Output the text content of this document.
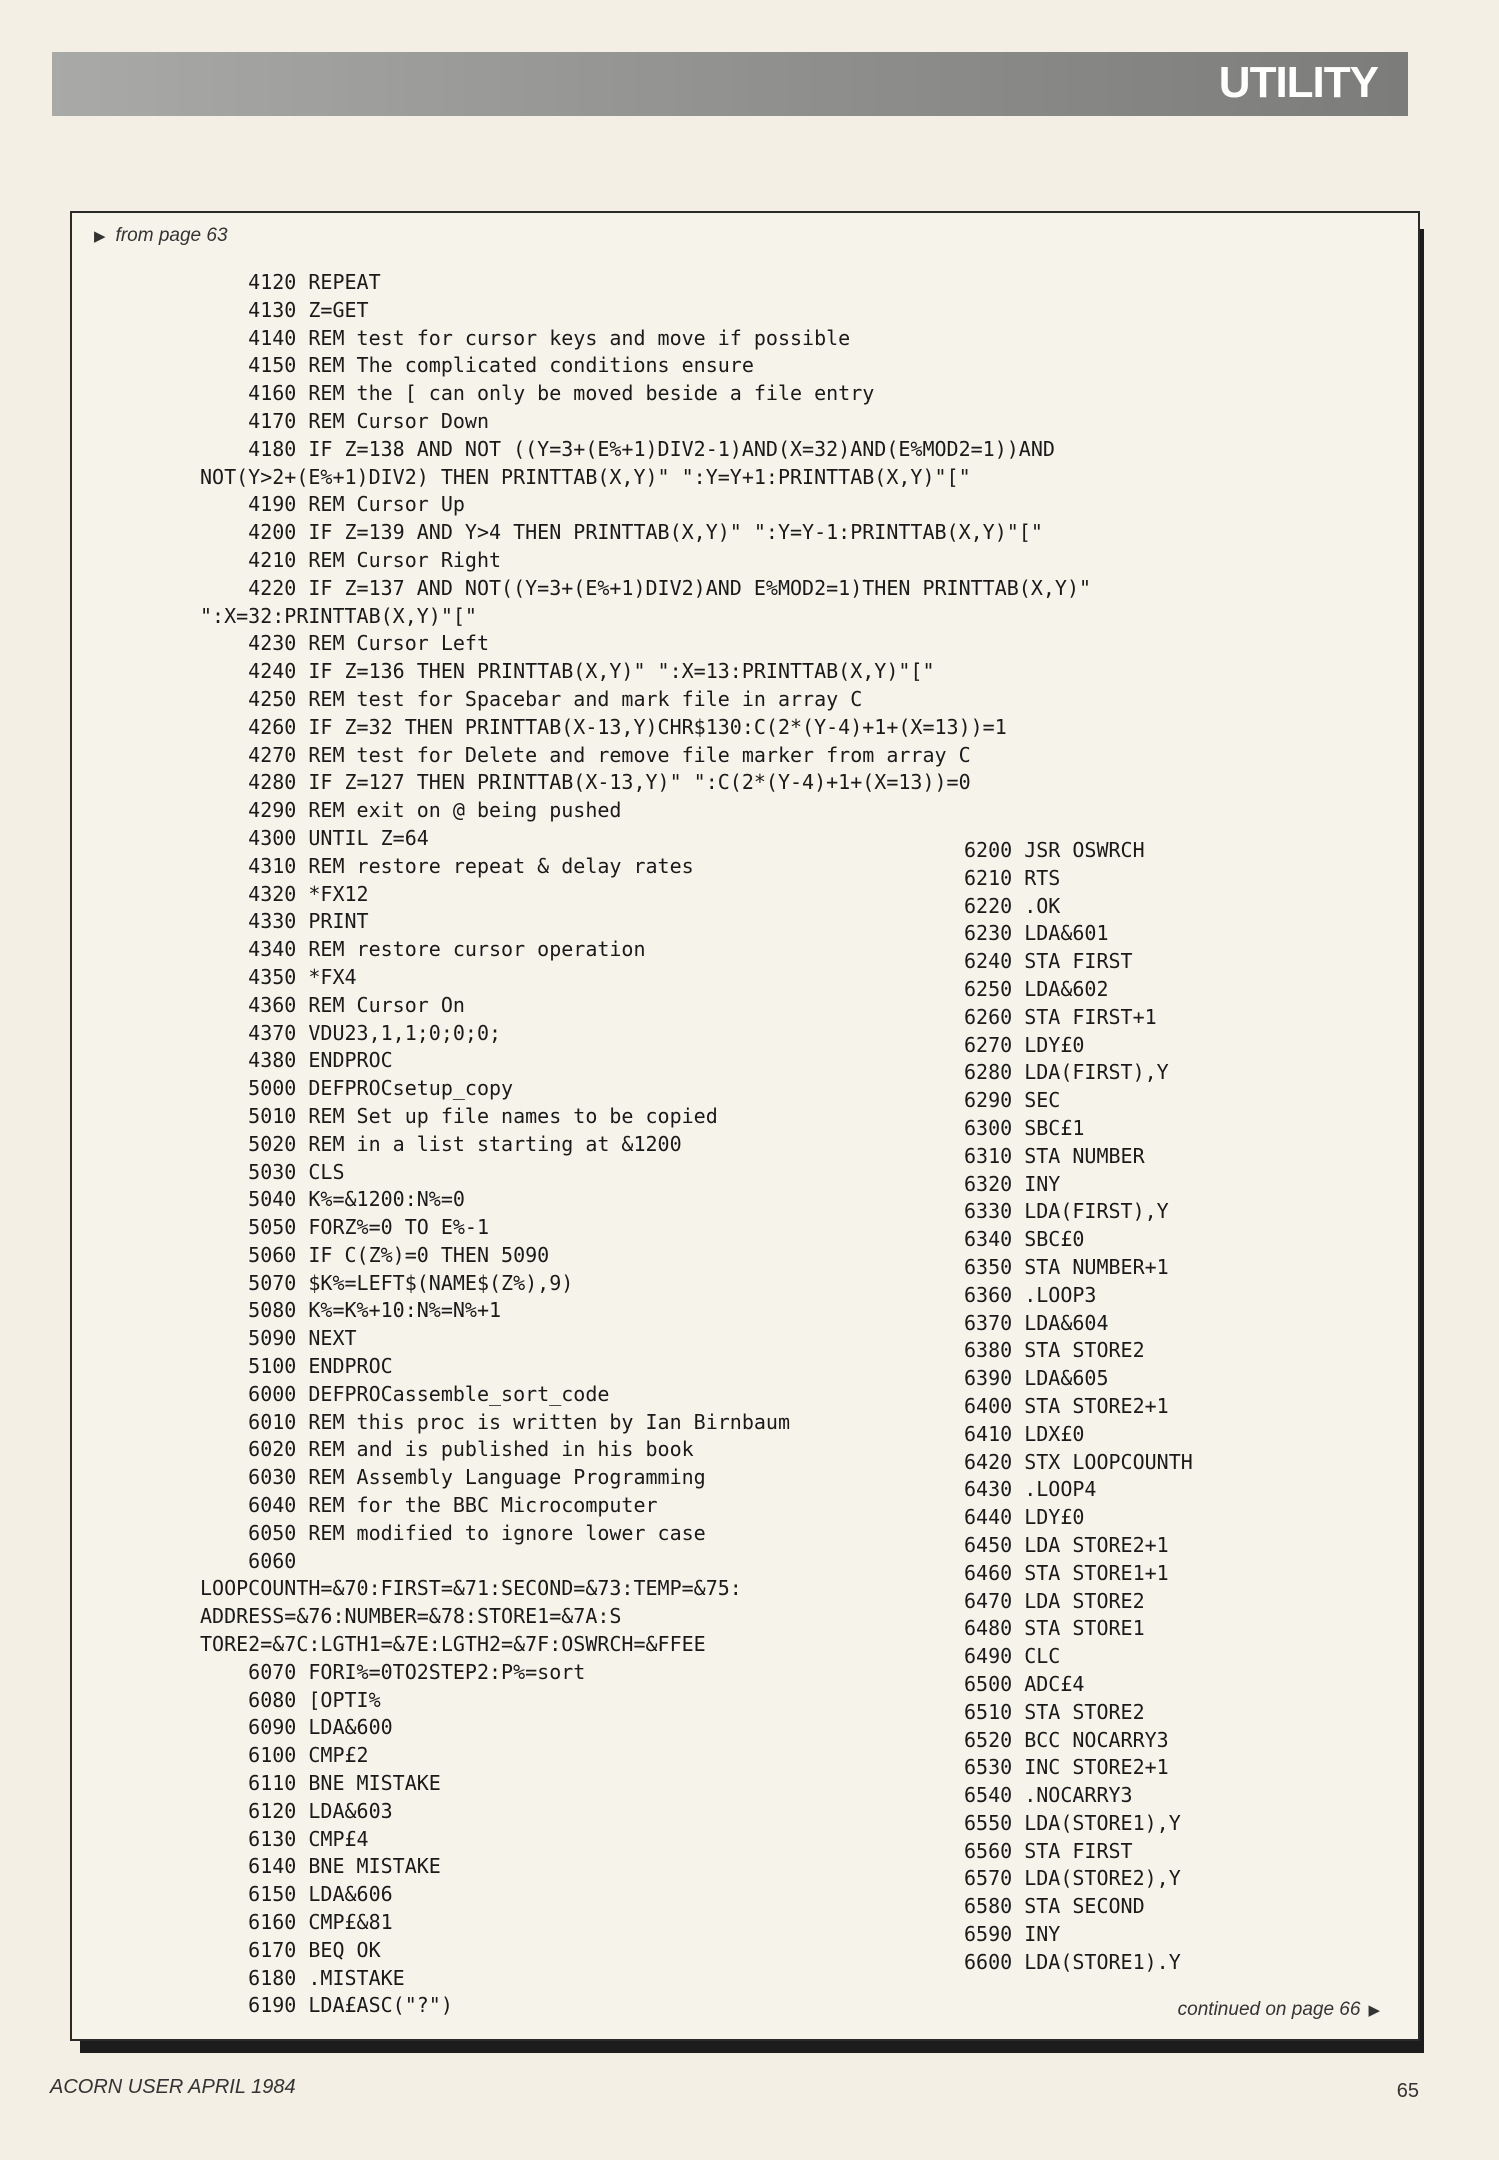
UTILITY
▶ from page 63
4120 REPEAT
4130 Z=GET
4140 REM test for cursor keys and move if possible
4150 REM The complicated conditions ensure
4160 REM the [ can only be moved beside a file entry
4170 REM Cursor Down
4180 IF Z=138 AND NOT ((Y=3+(E%+1)DIV2-1)AND(X=32)AND(E%MOD2=1))AND
NOT(Y>2+(E%+1)DIV2) THEN PRINTTAB(X,Y)" ":Y=Y+1:PRINTTAB(X,Y)"["
4190 REM Cursor Up
4200 IF Z=139 AND Y>4 THEN PRINTTAB(X,Y)" ":Y=Y-1:PRINTTAB(X,Y)"["
4210 REM Cursor Right
4220 IF Z=137 AND NOT((Y=3+(E%+1)DIV2)AND E%MOD2=1)THEN PRINTTAB(X,Y)"
":X=32:PRINTTAB(X,Y)"["
4230 REM Cursor Left
4240 IF Z=136 THEN PRINTTAB(X,Y)" ":X=13:PRINTTAB(X,Y)"["
4250 REM test for Spacebar and mark file in array C
4260 IF Z=32 THEN PRINTTAB(X-13,Y)CHR$130:C(2*(Y-4)+1+(X=13))=1
4270 REM test for Delete and remove file marker from array C
4280 IF Z=127 THEN PRINTTAB(X-13,Y)" ":C(2*(Y-4)+1+(X=13))=0
4290 REM exit on @ being pushed
4300 UNTIL Z=64
4310 REM restore repeat & delay rates
4320 *FX12
4330 PRINT
4340 REM restore cursor operation
4350 *FX4
4360 REM Cursor On
4370 VDU23,1,1;0;0;0;
4380 ENDPROC
5000 DEFPROCsetup_copy
5010 REM Set up file names to be copied
5020 REM in a list starting at &1200
5030 CLS
5040 K%=&1200:N%=0
5050 FORZ%=0 TO E%-1
5060 IF C(Z%)=0 THEN 5090
5070 $K%=LEFT$(NAME$(Z%),9)
5080 K%=K%+10:N%=N%+1
5090 NEXT
5100 ENDPROC
6000 DEFPROCassemble_sort_code
6010 REM this proc is written by Ian Birnbaum
6020 REM and is published in his book
6030 REM Assembly Language Programming
6040 REM for the BBC Microcomputer
6050 REM modified to ignore lower case
6060
LOOPCOUNTH=&70:FIRST=&71:SECOND=&73:TEMP=&75:
ADDRESS=&76:NUMBER=&78:STORE1=&7A:S
TORE2=&7C:LGTH1=&7E:LGTH2=&7F:OSWRCH=&FFEE
6070 FORI%=0TO2STEP2:P%=sort
6080 [OPTI%
6090 LDA&600
6100 CMP£2
6110 BNE MISTAKE
6120 LDA&603
6130 CMP£4
6140 BNE MISTAKE
6150 LDA&606
6160 CMP£&81
6170 BEQ OK
6180 .MISTAKE
6190 LDA£ASC("?")
6200 JSR OSWRCH
6210 RTS
6220 .OK
6230 LDA&601
6240 STA FIRST
6250 LDA&602
6260 STA FIRST+1
6270 LDY£0
6280 LDA(FIRST),Y
6290 SEC
6300 SBC£1
6310 STA NUMBER
6320 INY
6330 LDA(FIRST),Y
6340 SBC£0
6350 STA NUMBER+1
6360 .LOOP3
6370 LDA&604
6380 STA STORE2
6390 LDA&605
6400 STA STORE2+1
6410 LDX£0
6420 STX LOOPCOUNTH
6430 .LOOP4
6440 LDY£0
6450 LDA STORE2+1
6460 STA STORE1+1
6470 LDA STORE2
6480 STA STORE1
6490 CLC
6500 ADC£4
6510 STA STORE2
6520 BCC NOCARRY3
6530 INC STORE2+1
6540 .NOCARRY3
6550 LDA(STORE1),Y
6560 STA FIRST
6570 LDA(STORE2),Y
6580 STA SECOND
6590 INY
6600 LDA(STORE1).Y
continued on page 66 ▶
ACORN USER APRIL 1984	65
